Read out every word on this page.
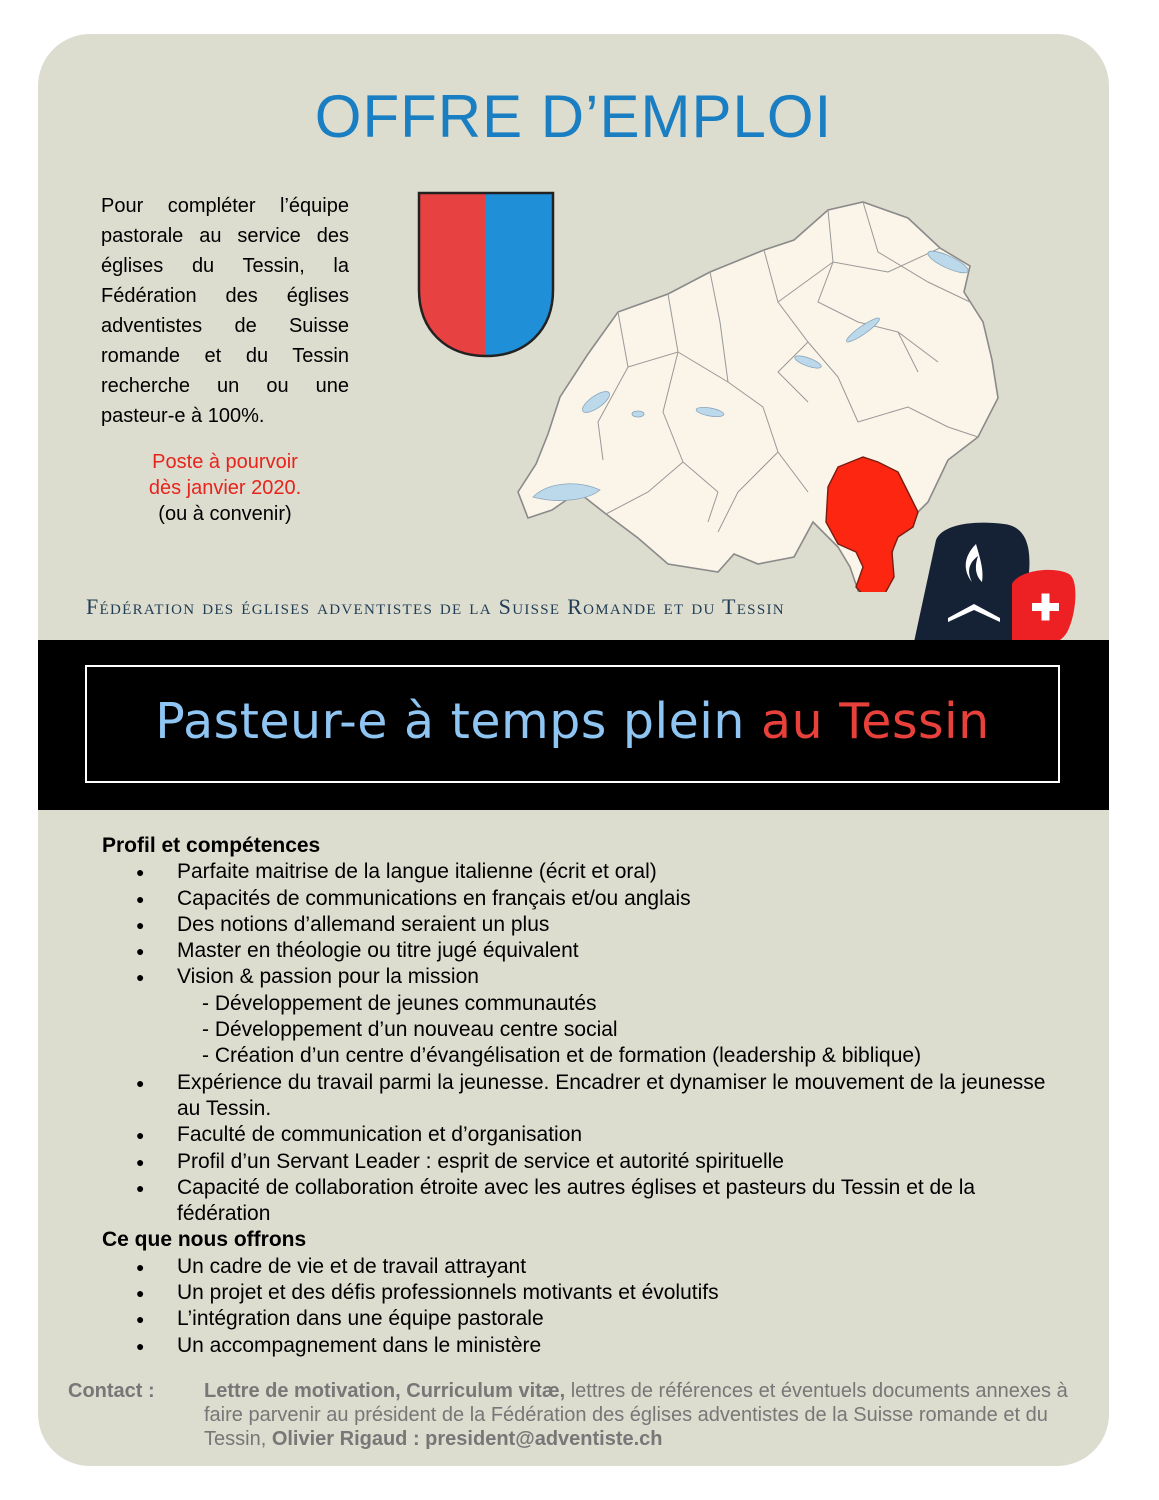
OFFRE D’EMPLOI
Pour compléter l’équipe pastorale au service des églises du Tessin, la Fédération des églises adventistes de Suisse romande et du Tessin recherche un ou une pasteur-e à 100%.
Poste à pourvoir
dès janvier 2020.
(ou à convenir)
Fédération des églises adventistes de la Suisse Romande et du Tessin
Pasteur-e à temps plein au Tessin
Profil et compétences
● Parfaite maitrise de la langue italienne (écrit et oral)
● Capacités de communications en français et/ou anglais
● Des notions d’allemand seraient un plus
● Master en théologie ou titre jugé équivalent
● Vision & passion pour la mission
- Développement de jeunes communautés
- Développement d’un nouveau centre social
- Création d’un centre d’évangélisation et de formation (leadership & biblique)
● Expérience du travail parmi la jeunesse. Encadrer et dynamiser le mouvement de la jeunesse au Tessin.
● Faculté de communication et d’organisation
● Profil d’un Servant Leader : esprit de service et autorité spirituelle
● Capacité de collaboration étroite avec les autres églises et pasteurs du Tessin et de la fédération
Ce que nous offrons
● Un cadre de vie et de travail attrayant
● Un projet et des défis professionnels motivants et évolutifs
● L’intégration dans une équipe pastorale
● Un accompagnement dans le ministère
Contact : Lettre de motivation, Curriculum vitæ, lettres de références et éventuels documents annexes à faire parvenir au président de la Fédération des églises adventistes de la Suisse romande et du Tessin, Olivier Rigaud : president@adventiste.ch
